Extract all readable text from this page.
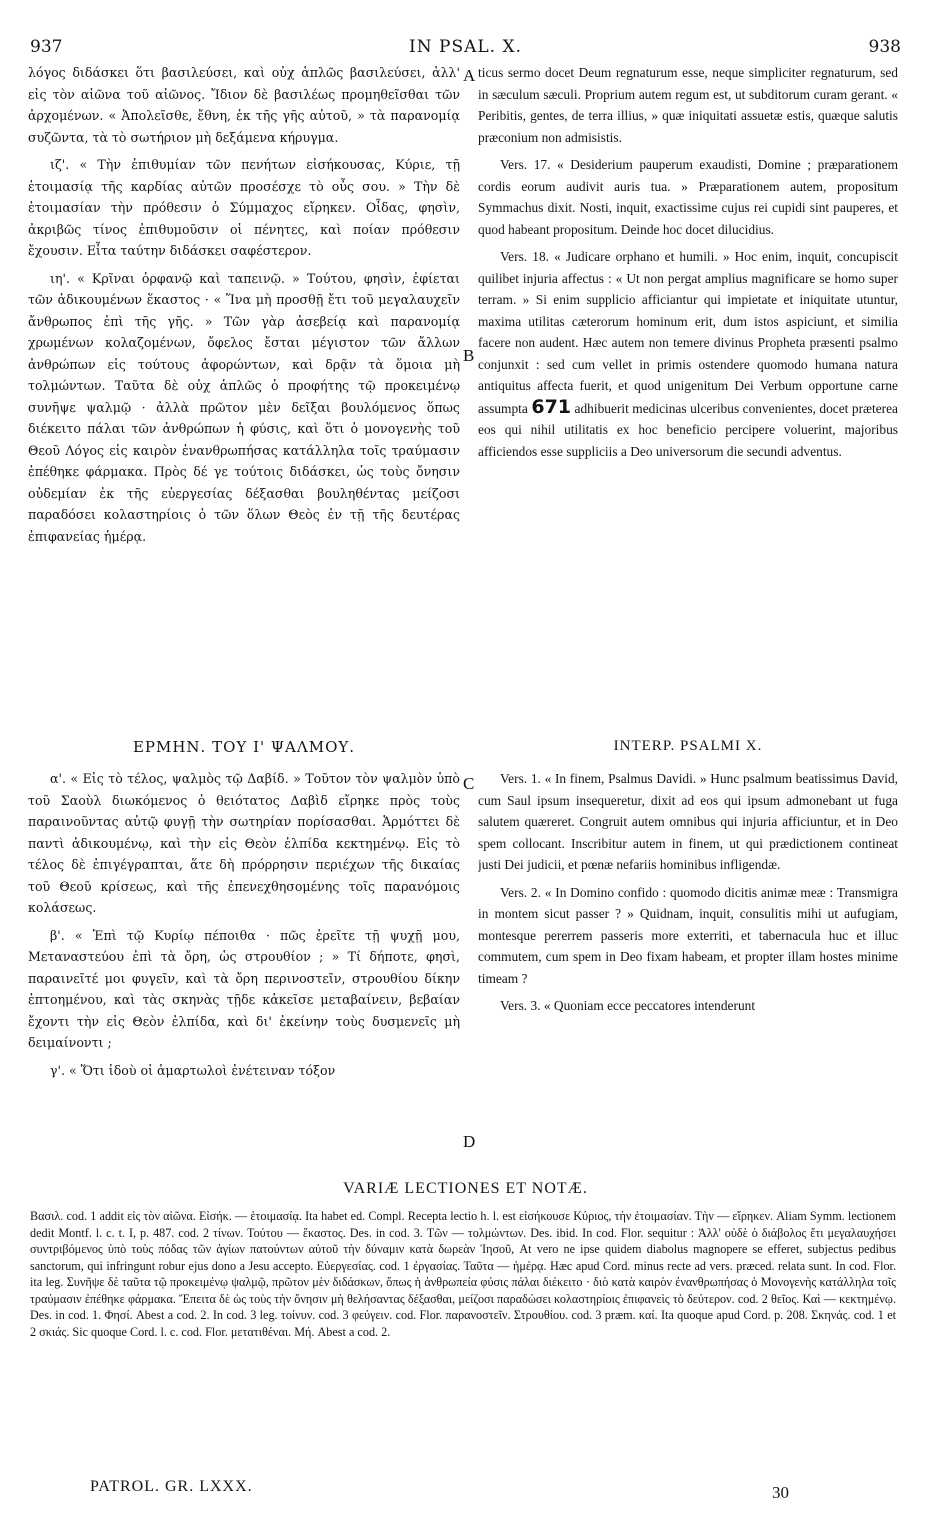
937	IN PSAL. X.	938

λόγος διδάσκει ὅτι βασιλεύσει, καὶ οὐχ ἁπλῶς βασιλεύσει, ἀλλ' εἰς τὸν αἰῶνα τοῦ αἰῶνος. Ἴδιον δὲ βασιλέως προμηθεῖσθαι τῶν ἀρχομένων. « Ἀπολεῖσθε, ἔθνη, ἐκ τῆς γῆς αὐτοῦ, » τὰ παρανομίᾳ συζῶντα, τὰ τὸ σωτήριον μὴ δεξάμενα κήρυγμα.

ιζ'. « Τὴν ἐπιθυμίαν τῶν πενήτων εἰσήκουσας, Κύριε, τῇ ἑτοιμασίᾳ τῆς καρδίας αὐτῶν προσέσχε τὸ οὖς σου. » Τὴν δὲ ἑτοιμασίαν τὴν πρόθεσιν ὁ Σύμμαχος εἴρηκεν. Οἶδας, φησὶν, ἀκριβῶς τίνος ἐπιθυμοῦσιν οἱ πένητες, καὶ ποίαν πρόθεσιν ἔχουσιν. Εἶτα ταύτην διδάσκει σαφέστερον.

ιη'. « Κρῖναι ὀρφανῷ καὶ ταπεινῷ. » Τούτου, φησὶν, ἐφίεται τῶν ἀδικουμένων ἕκαστος · « Ἵνα μὴ προσθῇ ἔτι τοῦ μεγαλαυχεῖν ἄνθρωπος ἐπὶ τῆς γῆς. » Τῶν γὰρ ἀσεβείᾳ καὶ παρανομίᾳ χρωμένων κολαζομένων, ὄφελος ἔσται μέγιστον τῶν ἄλλων ἀνθρώπων εἰς τούτους ἀφορώντων, καὶ δρᾷν τὰ ὅμοια μὴ τολμώντων. Ταῦτα δὲ οὐχ ἁπλῶς ὁ προφήτης τῷ προκειμένῳ συνῆψε ψαλμῷ · ἀλλὰ πρῶτον μὲν δεῖξαι βουλόμενος ὅπως διέκειτο πάλαι τῶν ἀνθρώπων ἡ φύσις, καὶ ὅτι ὁ μονογενὴς τοῦ Θεοῦ Λόγος εἰς καιρὸν ἐνανθρωπήσας κατάλληλα τοῖς τραύμασιν ἐπέθηκε φάρμακα. Πρὸς δέ γε τούτοις διδάσκει, ὡς τοὺς ὄνησιν οὐδεμίαν ἐκ τῆς εὐεργεσίας δέξασθαι βουληθέντας μείζοσι παραδόσει κολαστηρίοις ὁ τῶν ὅλων Θεὸς ἐν τῇ τῆς δευτέρας ἐπιφανείας ἡμέρᾳ.

ticus sermo docet Deum regnaturum esse, neque simpliciter regnaturum, sed in sæculum sæculi. Proprium autem regum est, ut subditorum curam gerant. « Peribitis, gentes, de terra illius, » quæ iniquitati assuetæ estis, quæque salutis præconium non admisistis.

Vers. 17. « Desiderium pauperum exaudisti, Domine ; præparationem cordis eorum audivit auris tua. » Præparationem autem, propositum Symmachus dixit. Nosti, inquit, exactissime cujus rei cupidi sint pauperes, et quod habeant propositum. Deinde hoc docet dilucidius.

Vers. 18. « Judicare orphano et humili. » Hoc enim, inquit, concupiscit quilibet injuria affectus : « Ut non pergat amplius magnificare se homo super terram. » Si enim supplicio afficiantur qui impietate et iniquitate utuntur, maxima utilitas cæterorum hominum erit, dum istos aspiciunt, et similia facere non audent. Hæc autem non temere divinus Propheta præsenti psalmo conjunxit : sed cum vellet in primis ostendere quomodo humana natura antiquitus affecta fuerit, et quod unigenitum Dei Verbum opportune carne assumpta 671 adhibuerit medicinas ulceribus convenientes, docet præterea eos qui nihil utilitatis ex hoc beneficio percipere voluerint, majoribus afficiendos esse suppliciis a Deo universorum die secundi adventus.

A
B
C
D
ΕΡΜΗΝ. ΤΟΥ Ι' ΨΑΛΜΟΥ.	INTERP. PSALMI X.

α'. « Εἰς τὸ τέλος, ψαλμὸς τῷ Δαβίδ. » Τοῦτον τὸν ψαλμὸν ὑπὸ τοῦ Σαοὺλ διωκόμενος ὁ θειότατος Δαβὶδ εἴρηκε πρὸς τοὺς παραινοῦντας αὐτῷ φυγῇ τὴν σωτηρίαν πορίσασθαι. Ἁρμόττει δὲ παντὶ ἀδικουμένῳ, καὶ τὴν εἰς Θεὸν ἐλπίδα κεκτημένῳ. Εἰς τὸ τέλος δὲ ἐπιγέγραπται, ἅτε δὴ πρόρρησιν περιέχων τῆς δικαίας τοῦ Θεοῦ κρίσεως, καὶ τῆς ἐπενεχθησομένης τοῖς παρανόμοις κολάσεως.

β'. « Ἐπὶ τῷ Κυρίῳ πέποιθα · πῶς ἐρεῖτε τῇ ψυχῇ μου, Μεταναστεύου ἐπὶ τὰ ὄρη, ὡς στρουθίον ; » Τί δήποτε, φησὶ, παραινεῖτέ μοι φυγεῖν, καὶ τὰ ὄρη περινοστεῖν, στρουθίου δίκην ἐπτοημένου, καὶ τὰς σκηνὰς τῇδε κἀκεῖσε μεταβαίνειν, βεβαίαν ἔχοντι τὴν εἰς Θεὸν ἐλπίδα, καὶ δι' ἐκείνην τοὺς δυσμενεῖς μὴ δειμαίνοντι ;

γ'. « Ὅτι ἰδοὺ οἱ ἁμαρτωλοὶ ἐνέτειναν τόξον

Vers. 1. « In finem, Psalmus Davidi. » Hunc psalmum beatissimus David, cum Saul ipsum insequeretur, dixit ad eos qui ipsum admonebant ut fuga salutem quæreret. Congruit autem omnibus qui injuria afficiuntur, et in Deo spem collocant. Inscribitur autem in finem, ut qui prædictionem contineat justi Dei judicii, et pœnæ nefariis hominibus infligendæ.

Vers. 2. « In Domino confido : quomodo dicitis animæ meæ : Transmigra in montem sicut passer ? » Quidnam, inquit, consulitis mihi ut aufugiam, montesque pererrem passeris more exterriti, et tabernacula huc et illuc commutem, cum spem in Deo fixam habeam, et propter illam hostes minime timeam ?

Vers. 3. « Quoniam ecce peccatores intenderunt

VARIÆ LECTIONES ET NOTÆ.
Βασιλ. cod. 1 addit εἰς τὸν αἰῶνα. Εἰσήκ. — ἑτοιμασίᾳ. Ita habet ed. Compl. Recepta lectio h. l. est εἰσήκουσε Κύριος, τὴν ἑτοιμασίαν. Τὴν — εἴρηκεν. Aliam Symm. lectionem dedit Montf. l. c. t. I, p. 487. cod. 2 τίνων. Τούτου — ἕκαστος. Des. in cod. 3. Τῶν — τολμώντων. Des. ibid. In cod. Flor. sequitur : Ἀλλ' οὐδὲ ὁ διάβολος ἔτι μεγαλαυχήσει συντριβόμενος ὑπὸ τοὺς πόδας τῶν ἁγίων πατούντων αὐτοῦ τὴν δύναμιν κατὰ δωρεὰν Ἰησοῦ, At vero ne ipse quidem diabolus magnopere se efferet, subjectus pedibus sanctorum, qui infringunt robur ejus dono a Jesu accepto. Εὐεργεσίας. cod. 1 ἐργασίας. Ταῦτα — ἡμέρᾳ. Hæc apud Cord. minus recte ad vers. præced. relata sunt. In cod. Flor. ita leg. Συνῆψε δὲ ταῦτα τῷ προκειμένῳ ψαλμῷ, πρῶτον μὲν διδάσκων, ὅπως ἡ ἀνθρωπεία φύσις πάλαι διέκειτο · διὸ κατὰ καιρὸν ἐνανθρωπήσας ὁ Μονογενὴς κατάλληλα τοῖς τραύμασιν ἐπέθηκε φάρμακα. Ἔπειτα δὲ ὡς τοὺς τὴν ὄνησιν μὴ θελήσαντας δέξασθαι, μείζοσι παραδώσει κολαστηρίοις ἐπιφανεὶς τὸ δεύτερον. cod. 2 θεῖος. Καὶ — κεκτημένῳ. Des. in cod. 1. Φησί. Abest a cod. 2. In cod. 3 leg. τοίνυν. cod. 3 φεύγειν. cod. Flor. παρανοστεῖν. Στρουθίου. cod. 3 præm. καί. Ita quoque apud Cord. p. 208. Σκηνάς. cod. 1 et 2 σκιάς. Sic quoque Cord. l. c. cod. Flor. μετατιθέναι. Μή. Abest a cod. 2.
PATROL. GR. LXXX.	30
